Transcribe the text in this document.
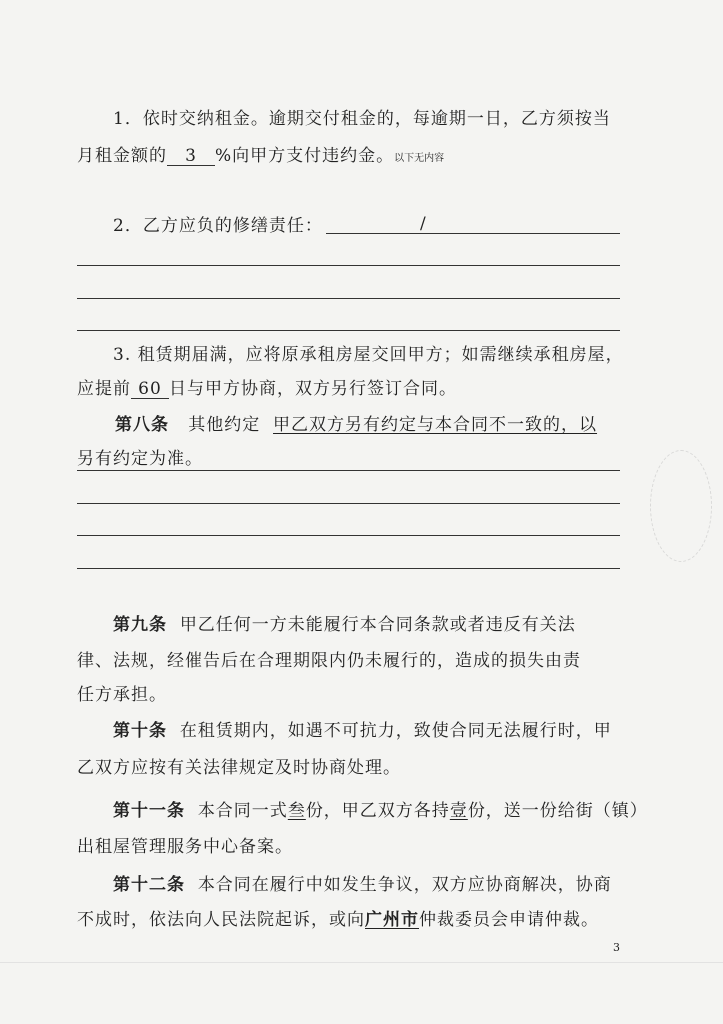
1．依时交纳租金。逾期交付租金的，每逾期一日，乙方须按当
月租金额的 3 %向甲方支付违约金。以下无内容
2．乙方应负的修缮责任：	/
3. 租赁期届满，应将原承租房屋交回甲方；如需继续承租房屋，
应提前 60 日与甲方协商，双方另行签订合同。
第八条 其他约定 甲乙双方另有约定与本合同不一致的，以
另有约定为准。
第九条 甲乙任何一方未能履行本合同条款或者违反有关法
律、法规，经催告后在合理期限内仍未履行的，造成的损失由责
任方承担。
第十条 在租赁期内，如遇不可抗力，致使合同无法履行时，甲
乙双方应按有关法律规定及时协商处理。
第十一条 本合同一式叁份，甲乙双方各持壹份，送一份给街（镇）
出租屋管理服务中心备案。
第十二条 本合同在履行中如发生争议，双方应协商解决，协商
不成时，依法向人民法院起诉，或向广州市仲裁委员会申请仲裁。
3
